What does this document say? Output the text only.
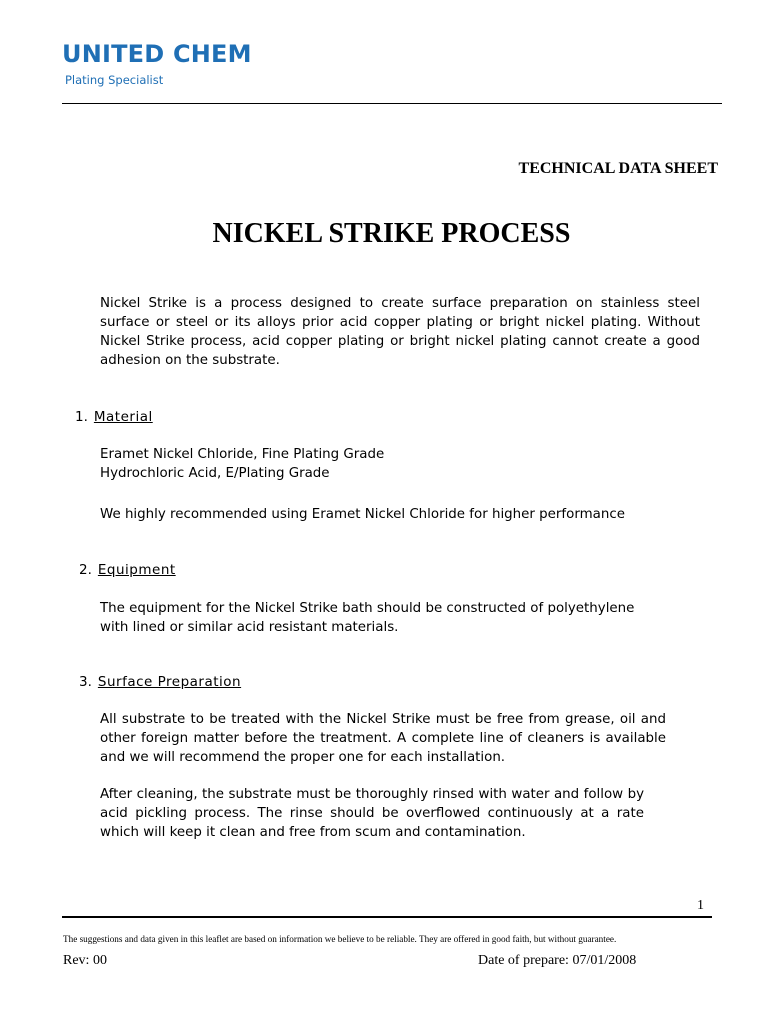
UNITED CHEM
Plating Specialist
TECHNICAL DATA SHEET
NICKEL STRIKE PROCESS
Nickel Strike is a process designed to create surface preparation on stainless steel surface or steel or its alloys prior acid copper plating or bright nickel plating. Without Nickel Strike process, acid copper plating or bright nickel plating cannot create a good adhesion on the substrate.
1. Material
Eramet Nickel Chloride, Fine Plating Grade
Hydrochloric Acid, E/Plating Grade
We highly recommended using Eramet Nickel Chloride for higher performance
2. Equipment
The equipment for the Nickel Strike bath should be constructed of polyethylene
with lined or similar acid resistant materials.
3. Surface Preparation
All substrate to be treated with the Nickel Strike must be free from grease, oil and other foreign matter before the treatment. A complete line of cleaners is available and we will recommend the proper one for each installation.
After cleaning, the substrate must be thoroughly rinsed with water and follow by acid pickling process. The rinse should be overflowed continuously at a rate which will keep it clean and free from scum and contamination.
1
The suggestions and data given in this leaflet are based on information we believe to be reliable. They are offered in good faith, but without guarantee.
Rev: 00	Date of prepare: 07/01/2008
